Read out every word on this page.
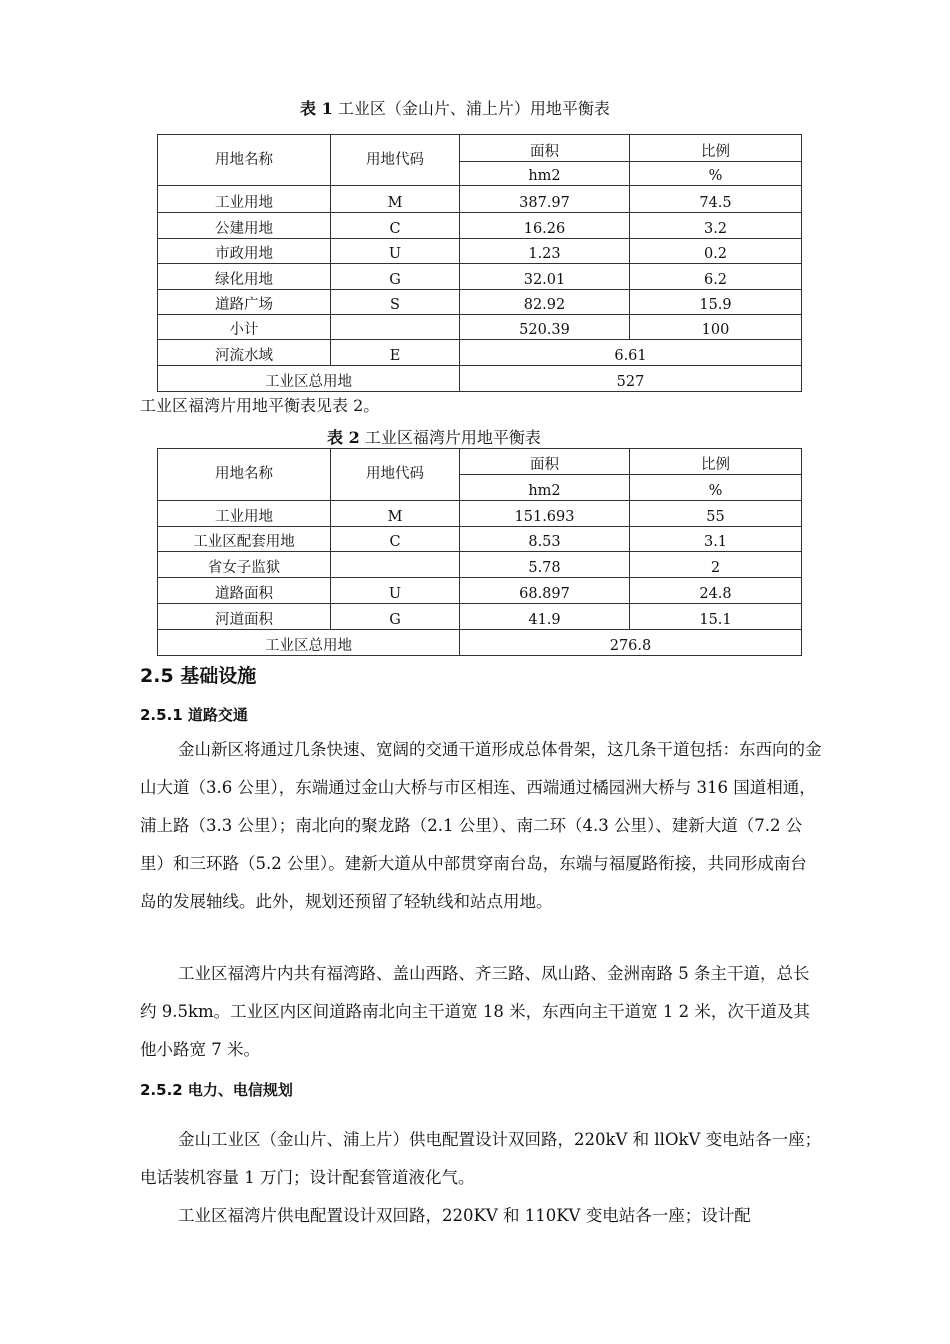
表 1 工业区（金山片、浦上片）用地平衡表
用地名称	用地代码	面积	比例
		hm2	%
工业用地	M	387.97	74.5
公建用地	C	16.26	3.2
市政用地	U	1.23	0.2
绿化用地	G	32.01	6.2
道路广场	S	82.92	15.9
小计		520.39	100
河流水域	E	6.61	
工业区总用地		527	
工业区福湾片用地平衡表见表 2。
表 2 工业区福湾片用地平衡表
用地名称	用地代码	面积	比例
		hm2	%
工业用地	M	151.693	55
工业区配套用地	C	8.53	3.1
省女子监狱		5.78	2
道路面积	U	68.897	24.8
河道面积	G	41.9	15.1
工业区总用地		276.8	
2.5 基础设施
2.5.1 道路交通

金山新区将通过几条快速、宽阔的交通干道形成总体骨架，这几条干道包括：东西向的金山大道（3.6 公里），东端通过金山大桥与市区相连、西端通过橘园洲大桥与 316 国道相通，浦上路（3.3 公里）；南北向的聚龙路（2.1 公里）、南二环（4.3 公里）、建新大道（7.2 公里）和三环路（5.2 公里）。建新大道从中部贯穿南台岛，东端与福厦路衔接，共同形成南台岛的发展轴线。此外，规划还预留了轻轨线和站点用地。

工业区福湾片内共有福湾路、盖山西路、齐三路、凤山路、金洲南路 5 条主干道，总长约 9.5km。工业区内区间道路南北向主干道宽 18 米，东西向主干道宽 1 2 米，次干道及其他小路宽 7 米。

2.5.2 电力、电信规划

金山工业区（金山片、浦上片）供电配置设计双回路，220kV 和 llOkV 变电站各一座；电话装机容量 1 万门；设计配套管道液化气。

工业区福湾片供电配置设计双回路，220KV 和 110KV 变电站各一座；设计配
